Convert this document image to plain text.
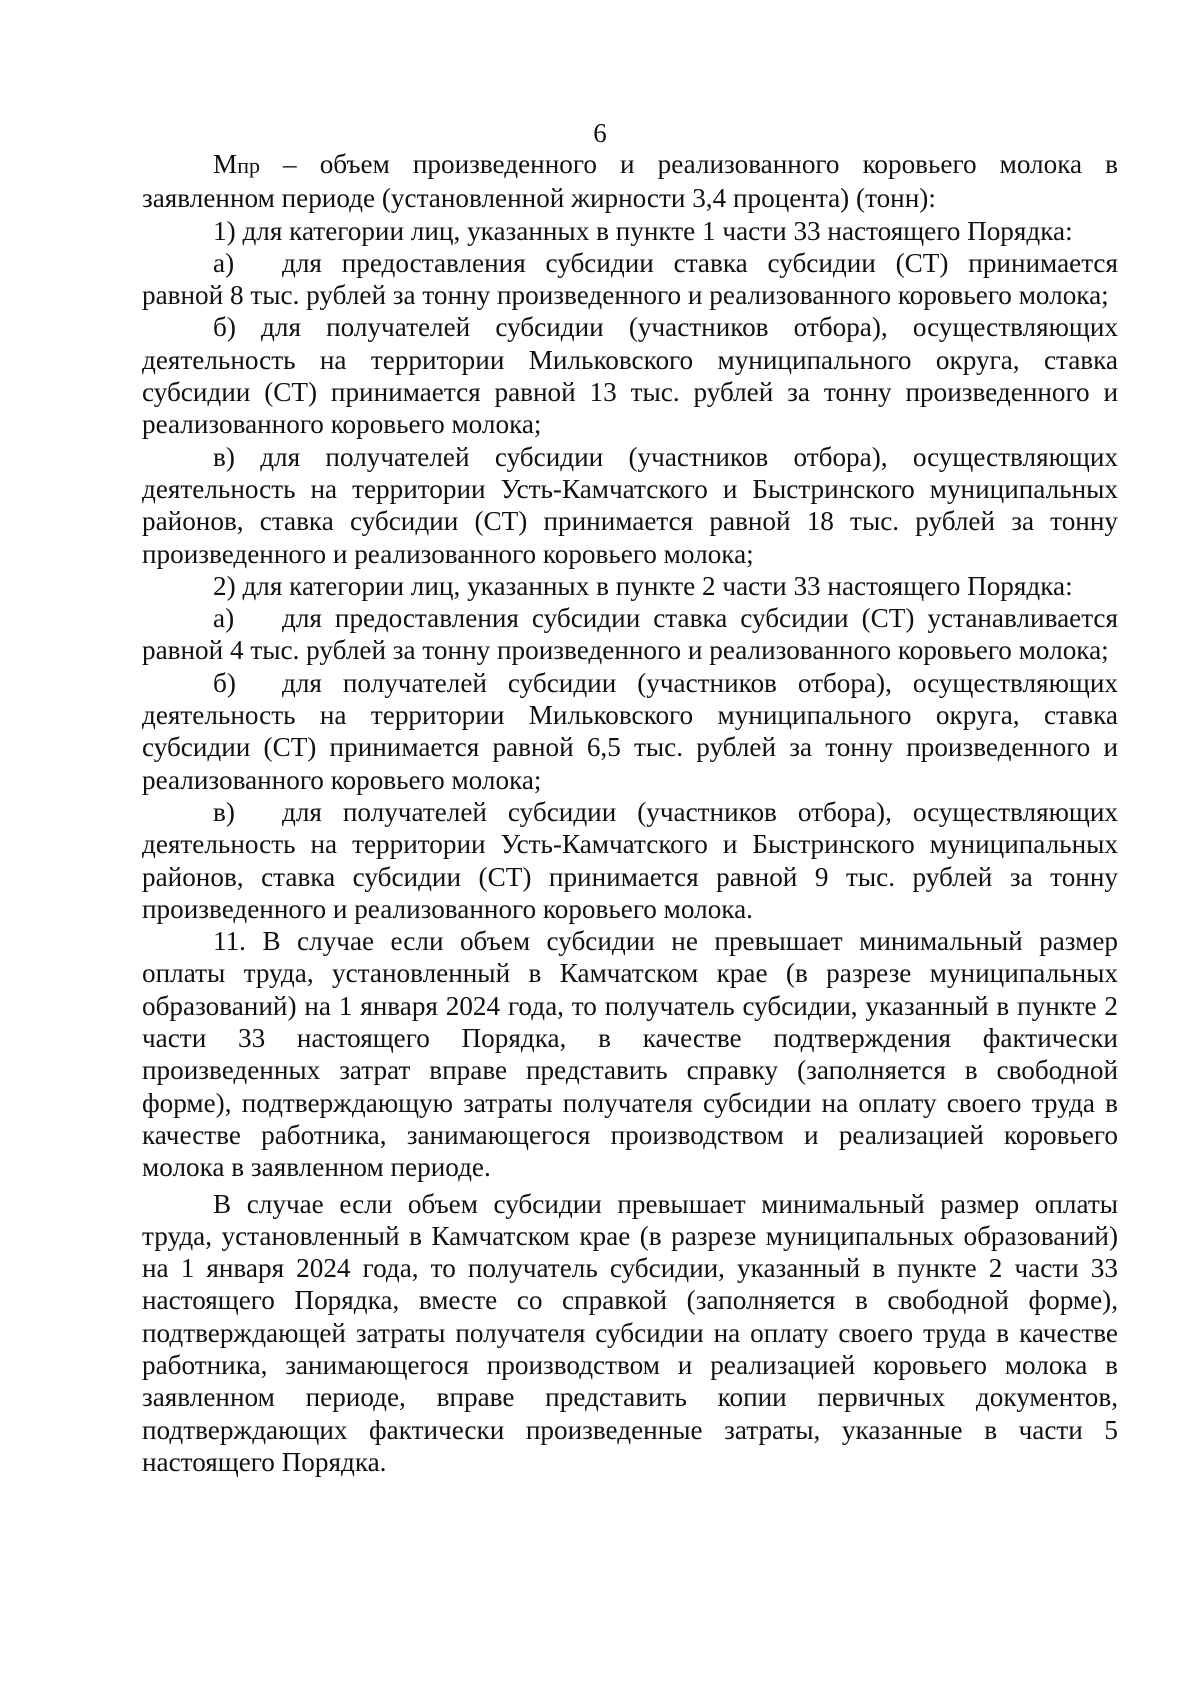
6

Мпр – объем произведенного и реализованного коровьего молока в заявленном периоде (установленной жирности 3,4 процента) (тонн):

1) для категории лиц, указанных в пункте 1 части 33 настоящего Порядка:

а) для предоставления субсидии ставка субсидии (СТ) принимается равной 8 тыс. рублей за тонну произведенного и реализованного коровьего молока;

б) для получателей субсидии (участников отбора), осуществляющих деятельность на территории Мильковского муниципального округа, ставка субсидии (СТ) принимается равной 13 тыс. рублей за тонну произведенного и реализованного коровьего молока;

в) для получателей субсидии (участников отбора), осуществляющих деятельность на территории Усть-Камчатского и Быстринского муниципальных районов, ставка субсидии (СТ) принимается равной 18 тыс. рублей за тонну произведенного и реализованного коровьего молока;

2) для категории лиц, указанных в пункте 2 части 33 настоящего Порядка:

а) для предоставления субсидии ставка субсидии (СТ) устанавливается равной 4 тыс. рублей за тонну произведенного и реализованного коровьего молока;

б) для получателей субсидии (участников отбора), осуществляющих деятельность на территории Мильковского муниципального округа, ставка субсидии (СТ) принимается равной 6,5 тыс. рублей за тонну произведенного и реализованного коровьего молока;

в) для получателей субсидии (участников отбора), осуществляющих деятельность на территории Усть-Камчатского и Быстринского муниципальных районов, ставка субсидии (СТ) принимается равной 9 тыс. рублей за тонну произведенного и реализованного коровьего молока.

11. В случае если объем субсидии не превышает минимальный размер оплаты труда, установленный в Камчатском крае (в разрезе муниципальных образований) на 1 января 2024 года, то получатель субсидии, указанный в пункте 2 части 33 настоящего Порядка, в качестве подтверждения фактически произведенных затрат вправе представить справку (заполняется в свободной форме), подтверждающую затраты получателя субсидии на оплату своего труда в качестве работника, занимающегося производством и реализацией коровьего молока в заявленном периоде.

В случае если объем субсидии превышает минимальный размер оплаты труда, установленный в Камчатском крае (в разрезе муниципальных образований) на 1 января 2024 года, то получатель субсидии, указанный в пункте 2 части 33 настоящего Порядка, вместе со справкой (заполняется в свободной форме), подтверждающей затраты получателя субсидии на оплату своего труда в качестве работника, занимающегося производством и реализацией коровьего молока в заявленном периоде, вправе представить копии первичных документов, подтверждающих фактически произведенные затраты, указанные в части 5 настоящего Порядка.
